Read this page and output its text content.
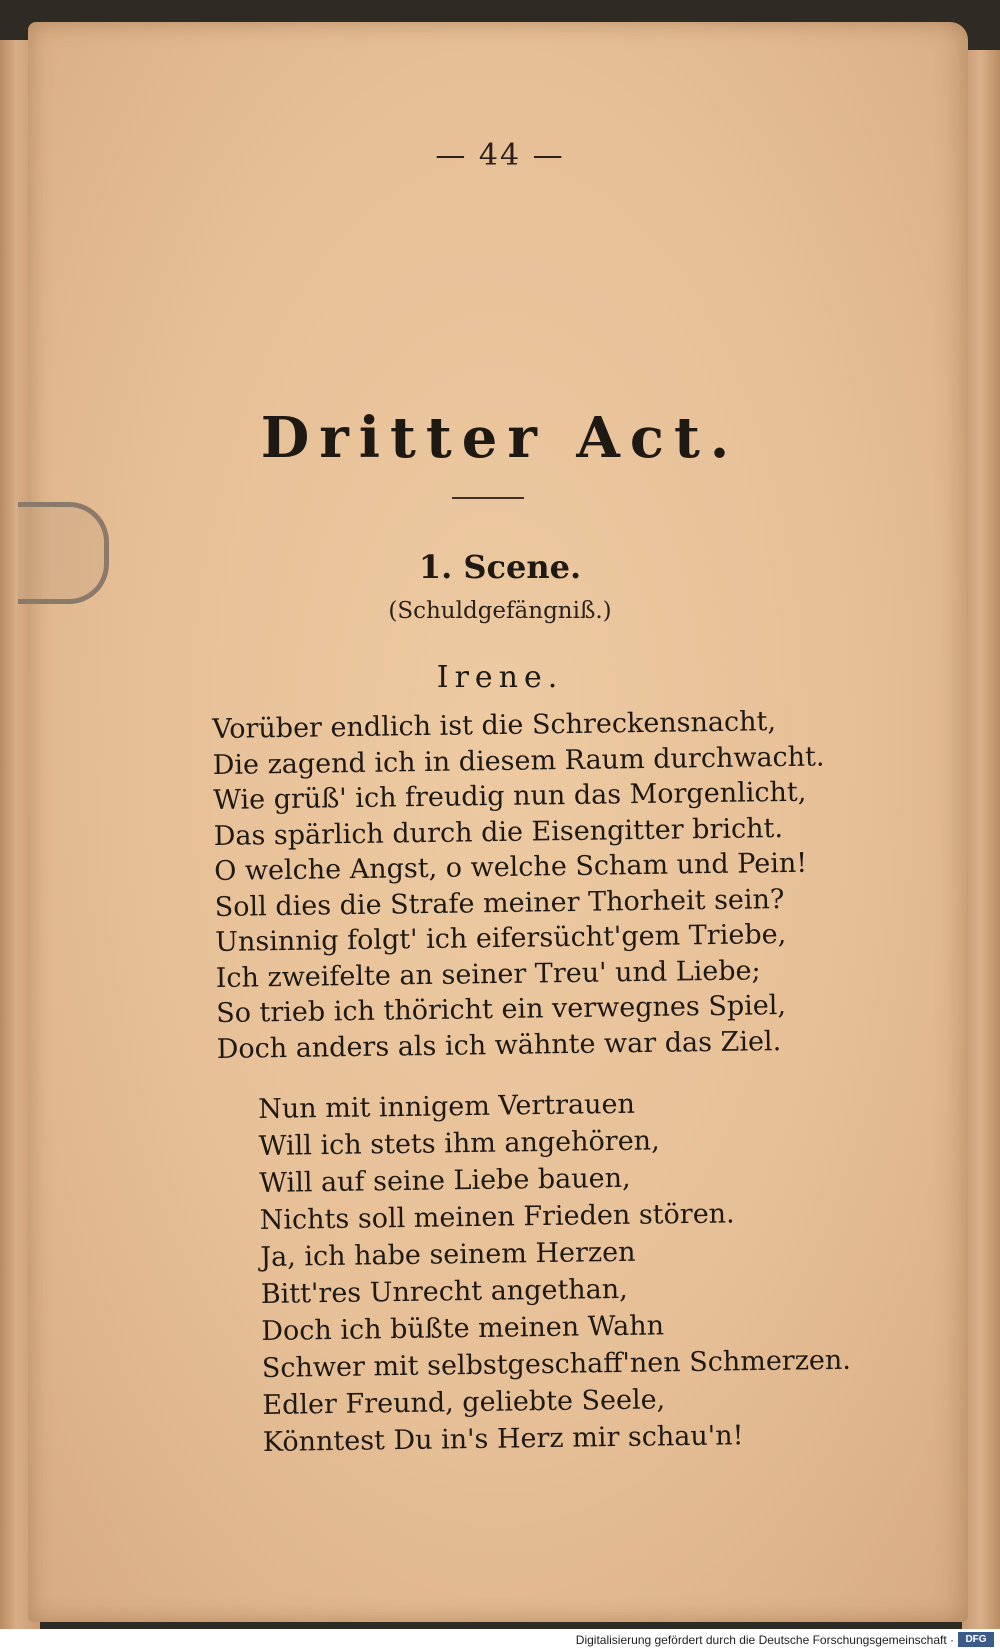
— 44 —
Dritter Act.
1. Scene.
(Schuldgefängniß.)
Irene.
Vorüber endlich ist die Schreckensnacht,
Die zagend ich in diesem Raum durchwacht.
Wie grüß' ich freudig nun das Morgenlicht,
Das spärlich durch die Eisengitter bricht.
O welche Angst, o welche Scham und Pein!
Soll dies die Strafe meiner Thorheit sein?
Unsinnig folgt' ich eifersücht'gem Triebe,
Ich zweifelte an seiner Treu' und Liebe;
So trieb ich thöricht ein verwegnes Spiel,
Doch anders als ich wähnte war das Ziel.
Nun mit innigem Vertrauen
Will ich stets ihm angehören,
Will auf seine Liebe bauen,
Nichts soll meinen Frieden stören.
Ja, ich habe seinem Herzen
Bitt'res Unrecht angethan,
Doch ich büßte meinen Wahn
Schwer mit selbstgeschaff'nen Schmerzen.
Edler Freund, geliebte Seele,
Könntest Du in's Herz mir schau'n!
Digitalisierung gefördert durch die Deutsche Forschungsgemeinschaft ·	DFG
